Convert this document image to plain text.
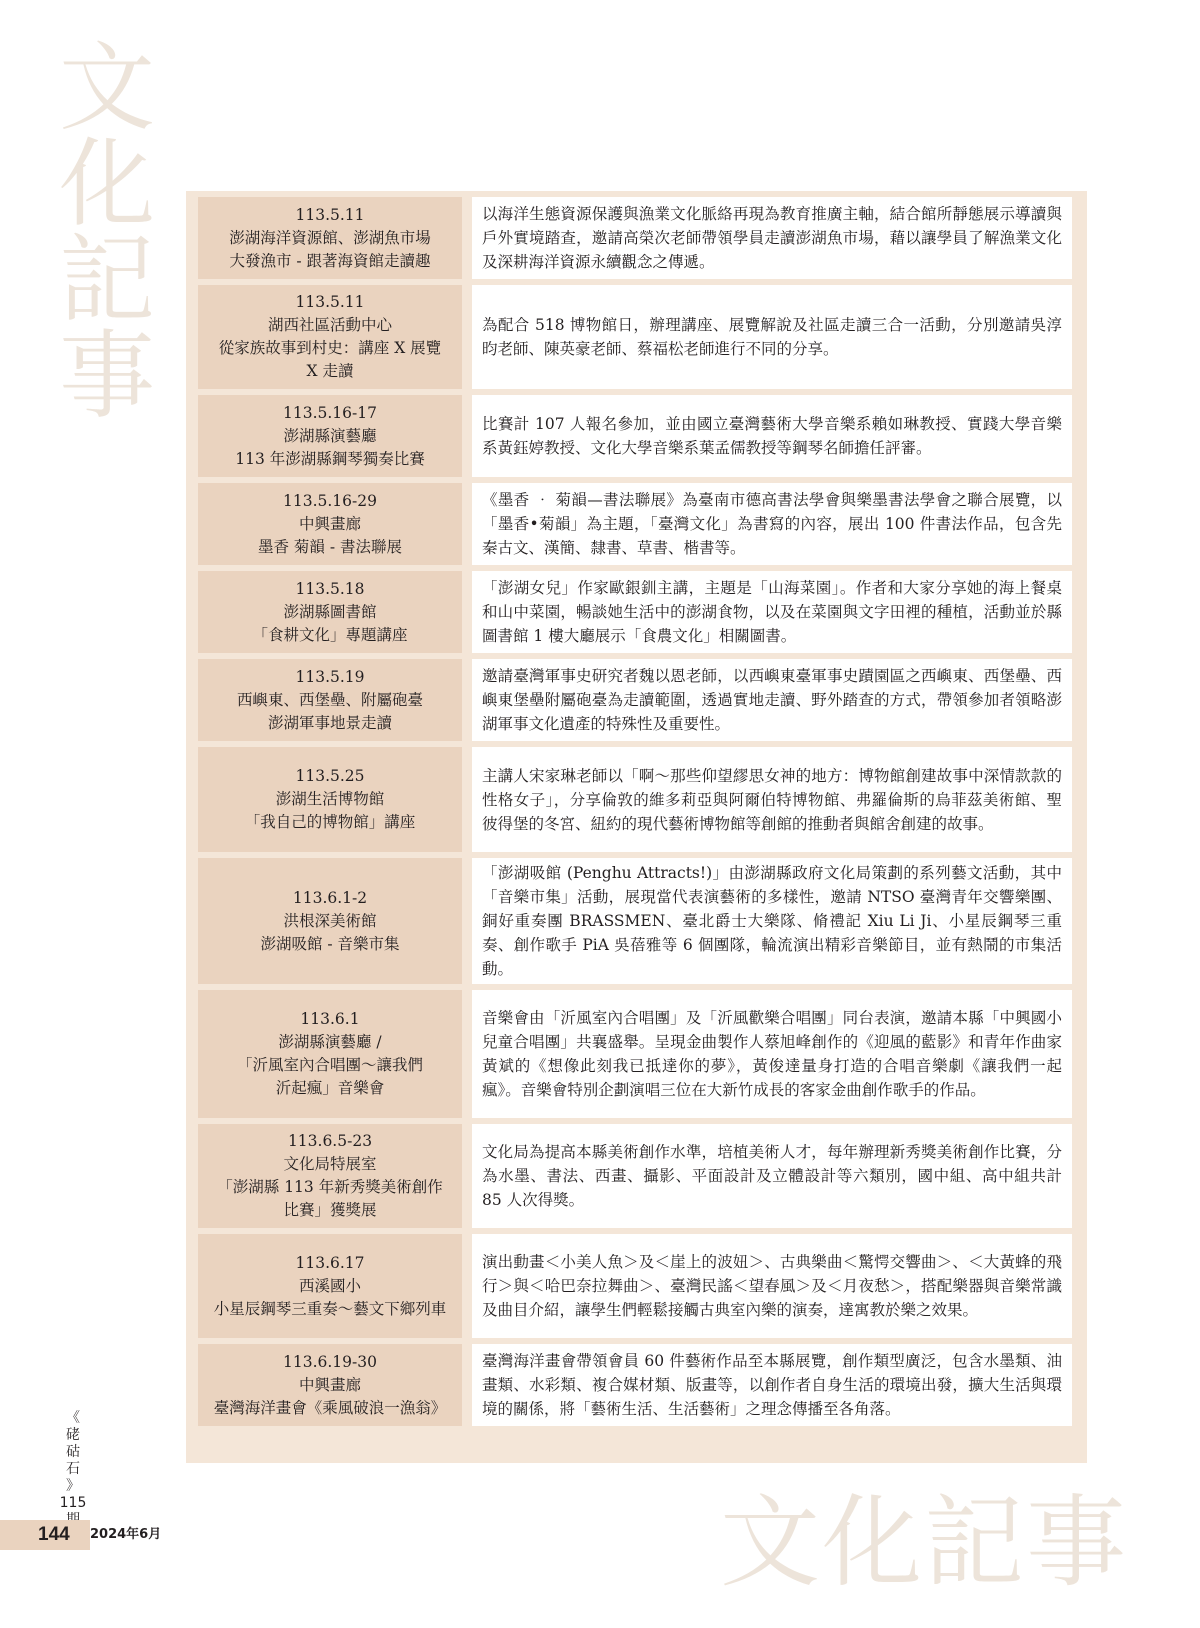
文
化
記
事
文化記事
113.5.11
澎湖海洋資源館、澎湖魚市場
大發漁市 - 跟著海資館走讀趣
以海洋生態資源保護與漁業文化脈絡再現為教育推廣主軸，結合館所靜態展示導讀與戶外實境踏查，邀請高榮次老師帶領學員走讀澎湖魚市場，藉以讓學員了解漁業文化及深耕海洋資源永續觀念之傳遞。
113.5.11
湖西社區活動中心
從家族故事到村史：講座 X 展覽
X 走讀
為配合 518 博物館日，辦理講座、展覽解說及社區走讀三合一活動，分別邀請吳淳昀老師、陳英豪老師、蔡福松老師進行不同的分享。
113.5.16-17
澎湖縣演藝廳
113 年澎湖縣鋼琴獨奏比賽
比賽計 107 人報名參加，並由國立臺灣藝術大學音樂系賴如琳教授、實踐大學音樂系黃鈺婷教授、文化大學音樂系葉孟儒教授等鋼琴名師擔任評審。
113.5.16-29
中興畫廊
墨香 菊韻 - 書法聯展
《墨香 ‧ 菊韻—書法聯展》為臺南市德高書法學會與樂墨書法學會之聯合展覽，以「墨香•菊韻」為主題，「臺灣文化」為書寫的內容，展出 100 件書法作品，包含先秦古文、漢簡、隸書、草書、楷書等。
113.5.18
澎湖縣圖書館
「食耕文化」專題講座
「澎湖女兒」作家歐銀釧主講，主題是「山海菜園」。作者和大家分享她的海上餐桌和山中菜園，暢談她生活中的澎湖食物，以及在菜園與文字田裡的種植，活動並於縣圖書館 1 樓大廳展示「食農文化」相關圖書。
113.5.19
西嶼東、西堡壘、附屬砲臺
澎湖軍事地景走讀
邀請臺灣軍事史研究者魏以恩老師，以西嶼東臺軍事史蹟園區之西嶼東、西堡壘、西嶼東堡壘附屬砲臺為走讀範圍，透過實地走讀、野外踏查的方式，帶領參加者領略澎湖軍事文化遺產的特殊性及重要性。
113.5.25
澎湖生活博物館
「我自己的博物館」講座
主講人宋家琳老師以「啊～那些仰望繆思女神的地方：博物館創建故事中深情款款的性格女子」，分享倫敦的維多莉亞與阿爾伯特博物館、弗羅倫斯的烏菲茲美術館、聖彼得堡的冬宮、紐約的現代藝術博物館等創館的推動者與館舍創建的故事。
113.6.1-2
洪根深美術館
澎湖吸館 - 音樂市集
「澎湖吸館 (Penghu Attracts!)」由澎湖縣政府文化局策劃的系列藝文活動，其中「音樂市集」活動，展現當代表演藝術的多樣性，邀請 NTSO 臺灣青年交響樂團、銅好重奏團 BRASSMEN、臺北爵士大樂隊、脩禮記 Xiu Li Ji、小星辰鋼琴三重奏、創作歌手 PiA 吳蓓雅等 6 個團隊，輪流演出精彩音樂節目，並有熱鬧的市集活動。
113.6.1
澎湖縣演藝廳 /
「沂風室內合唱團～讓我們
沂起瘋」音樂會
音樂會由「沂風室內合唱團」及「沂風歡樂合唱團」同台表演，邀請本縣「中興國小兒童合唱團」共襄盛舉。呈現金曲製作人蔡旭峰創作的《迎風的藍影》和青年作曲家黃斌的《想像此刻我已抵達你的夢》，黃俊達量身打造的合唱音樂劇《讓我們一起瘋》。音樂會特別企劃演唱三位在大新竹成長的客家金曲創作歌手的作品。
113.6.5-23
文化局特展室
「澎湖縣 113 年新秀獎美術創作
比賽」獲獎展
文化局為提高本縣美術創作水準，培植美術人才，每年辦理新秀獎美術創作比賽，分為水墨、書法、西畫、攝影、平面設計及立體設計等六類別，國中組、高中組共計 85 人次得獎。
113.6.17
西溪國小
小星辰鋼琴三重奏～藝文下鄉列車
演出動畫＜小美人魚＞及＜崖上的波妞＞、古典樂曲＜驚愕交響曲＞、＜大黃蜂的飛行＞與＜哈巴奈拉舞曲＞、臺灣民謠＜望春風＞及＜月夜愁＞，搭配樂器與音樂常識及曲目介紹，讓學生們輕鬆接觸古典室內樂的演奏，達寓教於樂之效果。
113.6.19-30
中興畫廊
臺灣海洋畫會《乘風破浪一漁翁》
臺灣海洋畫會帶領會員 60 件藝術作品至本縣展覽，創作類型廣泛，包含水墨類、油畫類、水彩類、複合媒材類、版畫等，以創作者自身生活的環境出發，擴大生活與環境的關係，將「藝術生活、生活藝術」之理念傳播至各角落。
《
硓
𥑮
石
》
115
144 2024年6月
